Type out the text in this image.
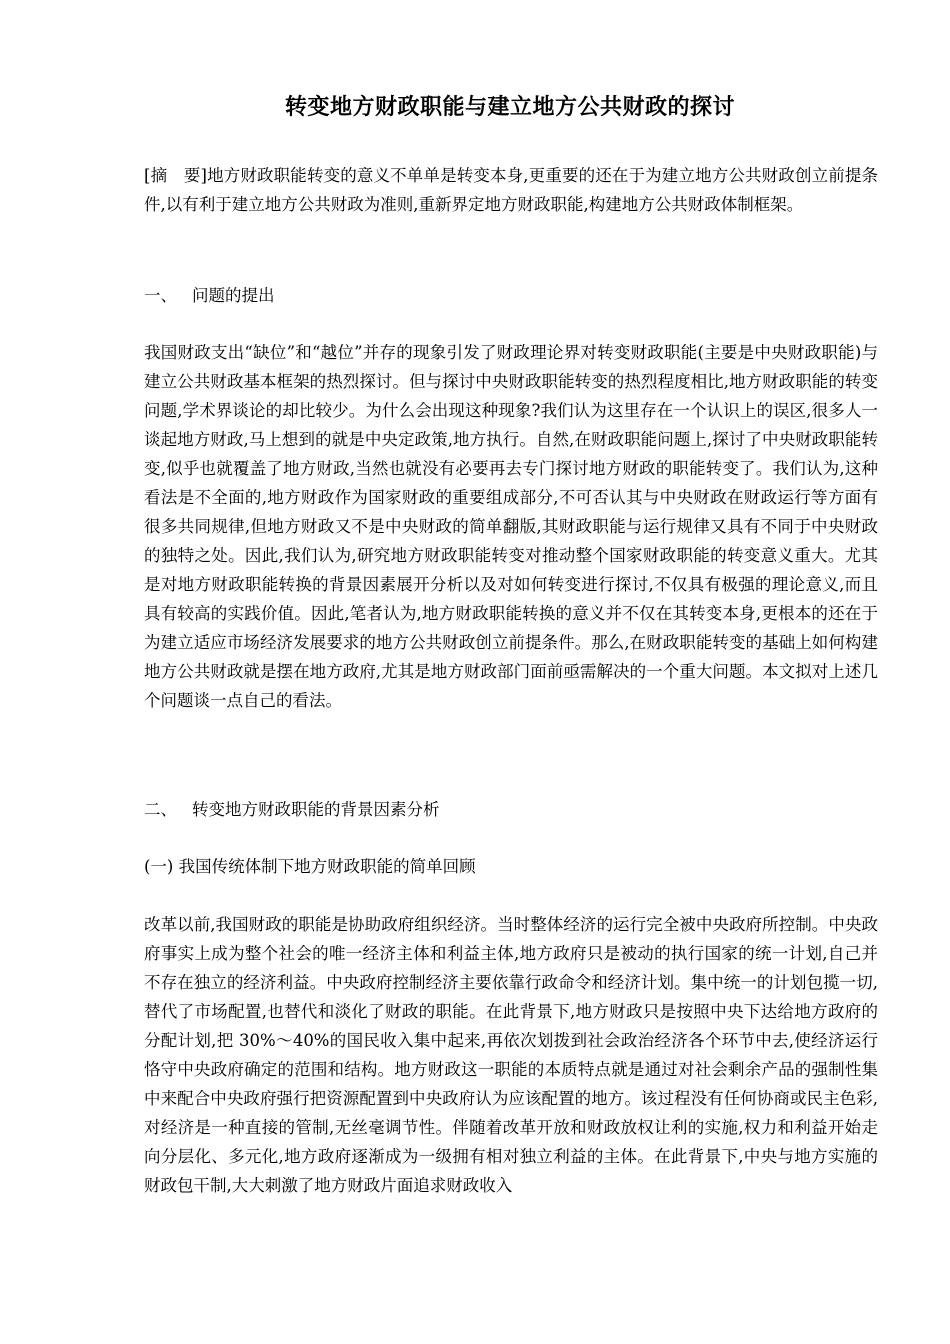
转变地方财政职能与建立地方公共财政的探讨
[摘　要]地方财政职能转变的意义不单单是转变本身,更重要的还在于为建立地方公共财政创立前提条件,以有利于建立地方公共财政为准则,重新界定地方财政职能,构建地方公共财政体制框架。
一、 问题的提出
我国财政支出“缺位”和“越位”并存的现象引发了财政理论界对转变财政职能(主要是中央财政职能)与建立公共财政基本框架的热烈探讨。但与探讨中央财政职能转变的热烈程度相比,地方财政职能的转变问题,学术界谈论的却比较少。为什么会出现这种现象?我们认为这里存在一个认识上的误区,很多人一谈起地方财政,马上想到的就是中央定政策,地方执行。自然,在财政职能问题上,探讨了中央财政职能转变,似乎也就覆盖了地方财政,当然也就没有必要再去专门探讨地方财政的职能转变了。我们认为,这种看法是不全面的,地方财政作为国家财政的重要组成部分,不可否认其与中央财政在财政运行等方面有很多共同规律,但地方财政又不是中央财政的简单翻版,其财政职能与运行规律又具有不同于中央财政的独特之处。因此,我们认为,研究地方财政职能转变对推动整个国家财政职能的转变意义重大。尤其是对地方财政职能转换的背景因素展开分析以及对如何转变进行探讨,不仅具有极强的理论意义,而且具有较高的实践价值。因此,笔者认为,地方财政职能转换的意义并不仅在其转变本身,更根本的还在于为建立适应市场经济发展要求的地方公共财政创立前提条件。那么,在财政职能转变的基础上如何构建地方公共财政就是摆在地方政府,尤其是地方财政部门面前亟需解决的一个重大问题。本文拟对上述几个问题谈一点自己的看法。
二、 转变地方财政职能的背景因素分析
(一) 我国传统体制下地方财政职能的简单回顾
改革以前,我国财政的职能是协助政府组织经济。当时整体经济的运行完全被中央政府所控制。中央政府事实上成为整个社会的唯一经济主体和利益主体,地方政府只是被动的执行国家的统一计划,自己并不存在独立的经济利益。中央政府控制经济主要依靠行政命令和经济计划。集中统一的计划包揽一切,替代了市场配置,也替代和淡化了财政的职能。在此背景下,地方财政只是按照中央下达给地方政府的分配计划,把 30%～40%的国民收入集中起来,再依次划拨到社会政治经济各个环节中去,使经济运行恪守中央政府确定的范围和结构。地方财政这一职能的本质特点就是通过对社会剩余产品的强制性集中来配合中央政府强行把资源配置到中央政府认为应该配置的地方。该过程没有任何协商或民主色彩,对经济是一种直接的管制,无丝毫调节性。伴随着改革开放和财政放权让利的实施,权力和利益开始走向分层化、多元化,地方政府逐渐成为一级拥有相对独立利益的主体。在此背景下,中央与地方实施的财政包干制,大大刺激了地方财政片面追求财政收入
